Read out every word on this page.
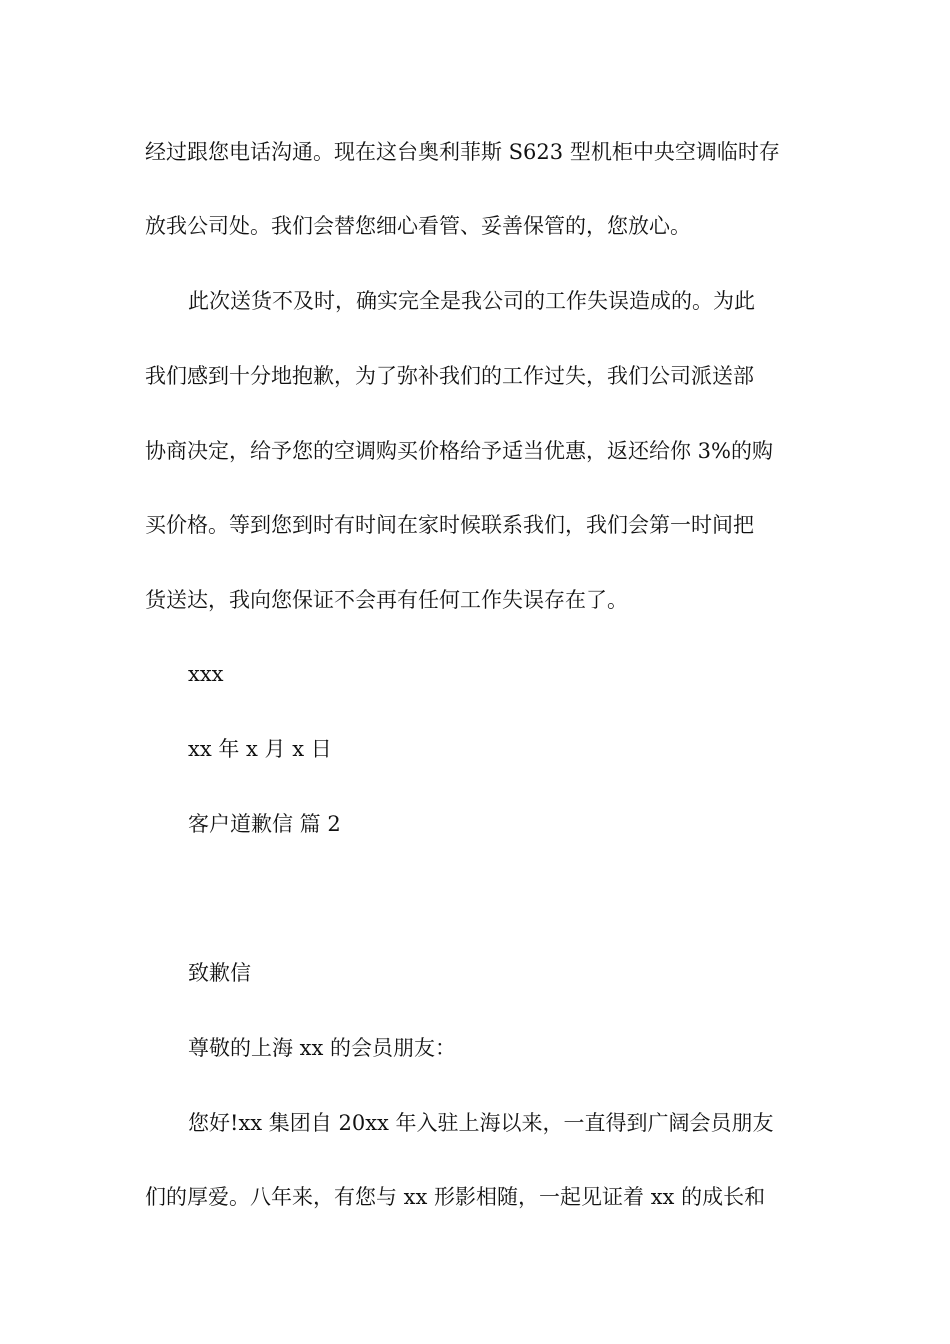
经过跟您电话沟通。现在这台奥利菲斯 S623 型机柜中央空调临时存
放我公司处。我们会替您细心看管、妥善保管的，您放心。
此次送货不及时，确实完全是我公司的工作失误造成的。为此
我们感到十分地抱歉，为了弥补我们的工作过失，我们公司派送部
协商决定，给予您的空调购买价格给予适当优惠，返还给你 3%的购
买价格。等到您到时有时间在家时候联系我们，我们会第一时间把
货送达，我向您保证不会再有任何工作失误存在了。
xxx
xx 年 x 月 x 日
客户道歉信 篇 2
致歉信
尊敬的上海 xx 的会员朋友：
您好!xx 集团自 20xx 年入驻上海以来，一直得到广阔会员朋友
们的厚爱。八年来，有您与 xx 形影相随，一起见证着 xx 的成长和
